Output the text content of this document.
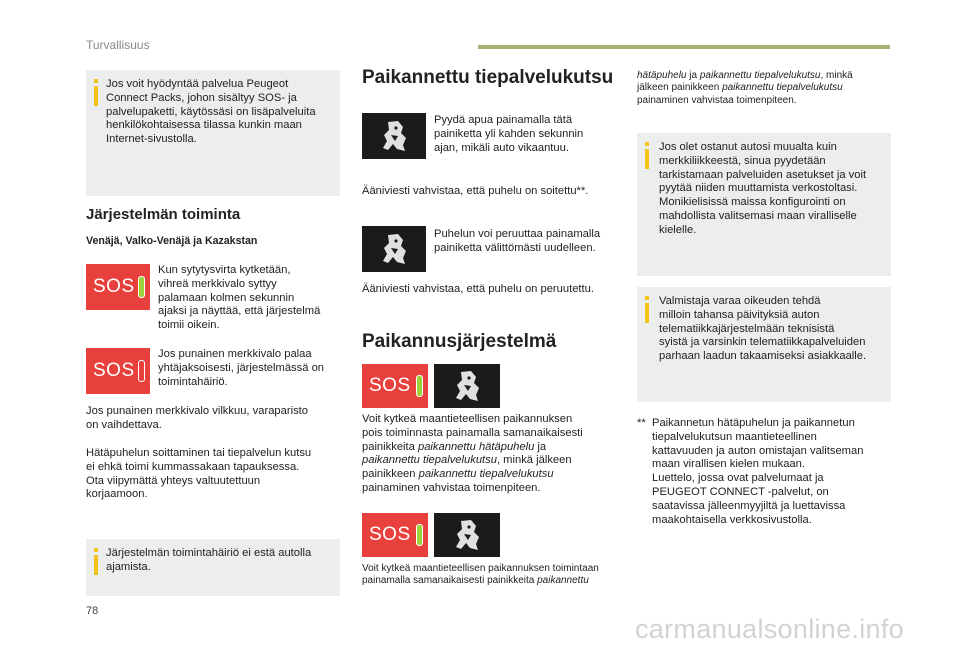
Turvallisuus
Jos voit hyödyntää palvelua Peugeot
Connect Packs, johon sisältyy SOS- ja
palvelupaketti, käytössäsi on lisäpalveluita
henkilökohtaisessa tilassa kunkin maan
Internet-sivustolla.
Järjestelmän toiminta
Venäjä, Valko-Venäjä ja Kazakstan
SOS
Kun sytytysvirta kytketään,
vihreä merkkivalo syttyy
palamaan kolmen sekunnin
ajaksi ja näyttää, että järjestelmä
toimii oikein.
SOS
Jos punainen merkkivalo palaa
yhtäjaksoisesti, järjestelmässä on
toimintahäiriö.
Jos punainen merkkivalo vilkkuu, varaparisto
on vaihdettava.
Hätäpuhelun soittaminen tai tiepalvelun kutsu
ei ehkä toimi kummassakaan tapauksessa.
Ota viipymättä yhteys valtuutettuun
korjaamoon.
Järjestelmän toimintahäiriö ei estä autolla
ajamista.
Paikannettu tiepalvelukutsu
Pyydä apua painamalla tätä
painiketta yli kahden sekunnin
ajan, mikäli auto vikaantuu.
Ääniviesti vahvistaa, että puhelu on soitettu**.
Puhelun voi peruuttaa painamalla
painiketta välittömästi uudelleen.
Ääniviesti vahvistaa, että puhelu on peruutettu.
Paikannusjärjestelmä
SOS
Voit kytkeä maantieteellisen paikannuksen
pois toiminnasta painamalla samanaikaisesti
painikkeita paikannettu hätäpuhelu ja
paikannettu tiepalvelukutsu, minkä jälkeen
painikkeen paikannettu tiepalvelukutsu
painaminen vahvistaa toimenpiteen.
SOS
Voit kytkeä maantieteellisen paikannuksen toimintaan
painamalla samanaikaisesti painikkeita paikannettu
hätäpuhelu ja paikannettu tiepalvelukutsu, minkä
jälkeen painikkeen paikannettu tiepalvelukutsu
painaminen vahvistaa toimenpiteen.
Jos olet ostanut autosi muualta kuin
merkkiliikkeestä, sinua pyydetään
tarkistamaan palveluiden asetukset ja voit
pyytää niiden muuttamista verkostoltasi.
Monikielisissä maissa konfigurointi on
mahdollista valitsemasi maan viralliselle
kielelle.
Valmistaja varaa oikeuden tehdä
milloin tahansa päivityksiä auton
telematiikkajärjestelmään teknisistä
syistä ja varsinkin telematiikkapalveluiden
parhaan laadun takaamiseksi asiakkaalle.
** Paikannetun hätäpuhelun ja paikannetun
tiepalvelukutsun maantieteellinen
kattavuuden ja auton omistajan valitseman
maan virallisen kielen mukaan.
Luettelo, jossa ovat palvelumaat ja
PEUGEOT CONNECT -palvelut, on
saatavissa jälleenmyyjiltä ja luettavissa
maakohtaisella verkkosivustolla.
78
carmanualsonline.info
